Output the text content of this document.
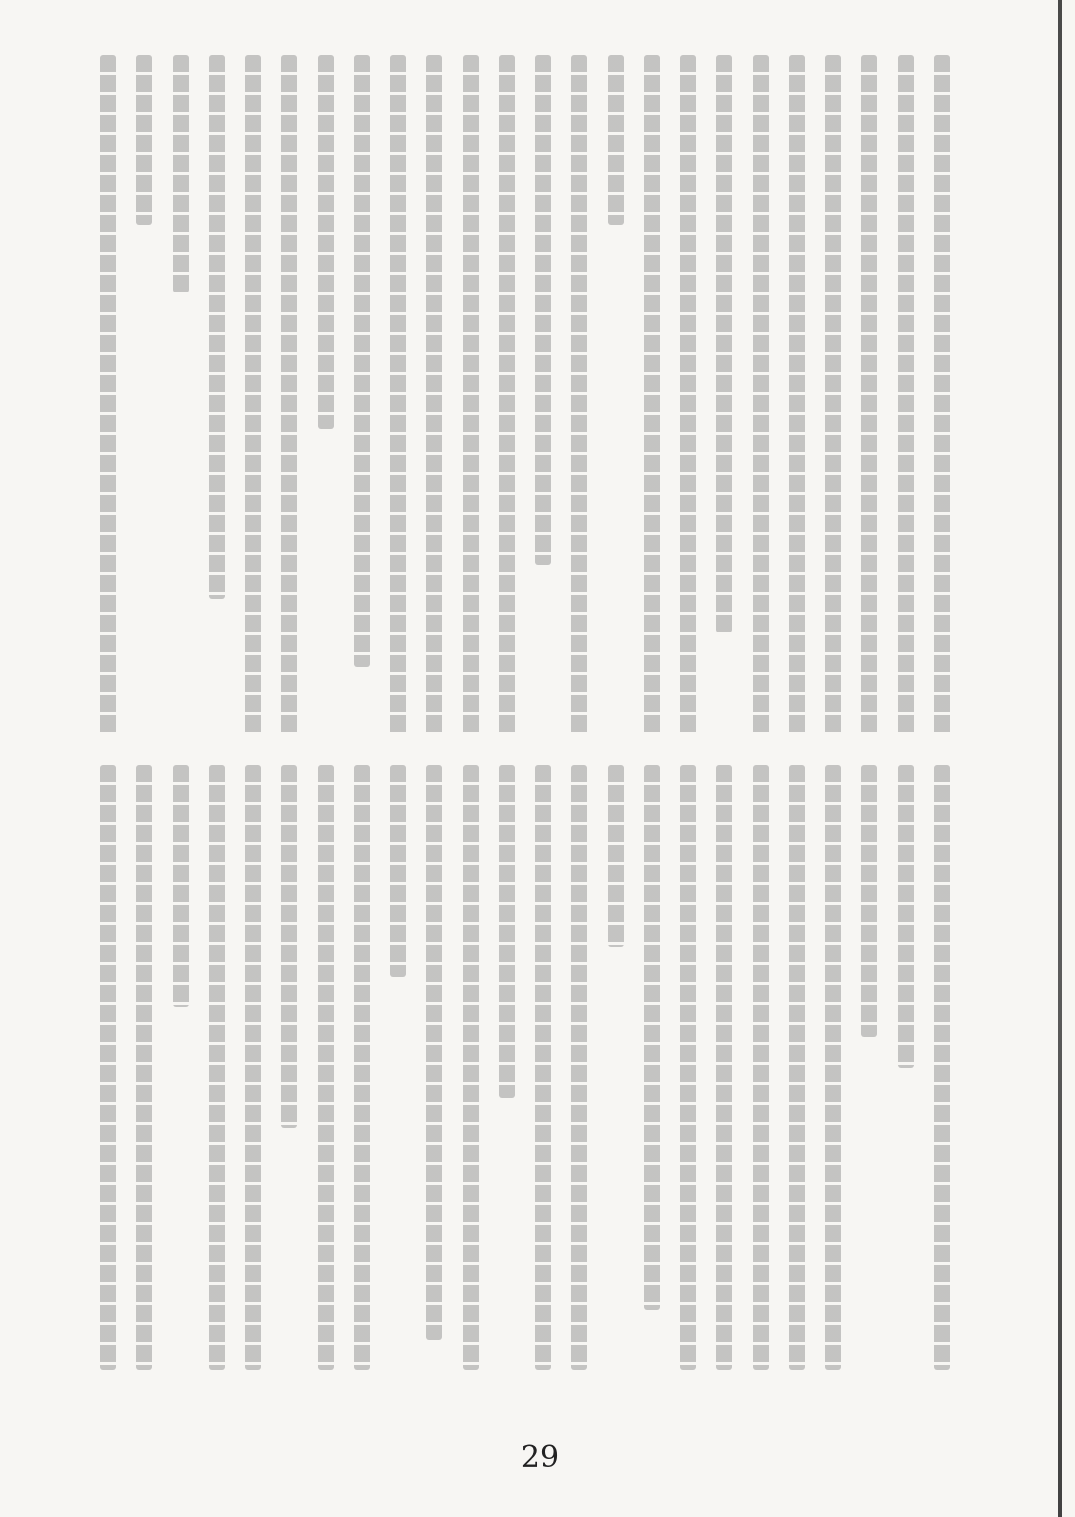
29
